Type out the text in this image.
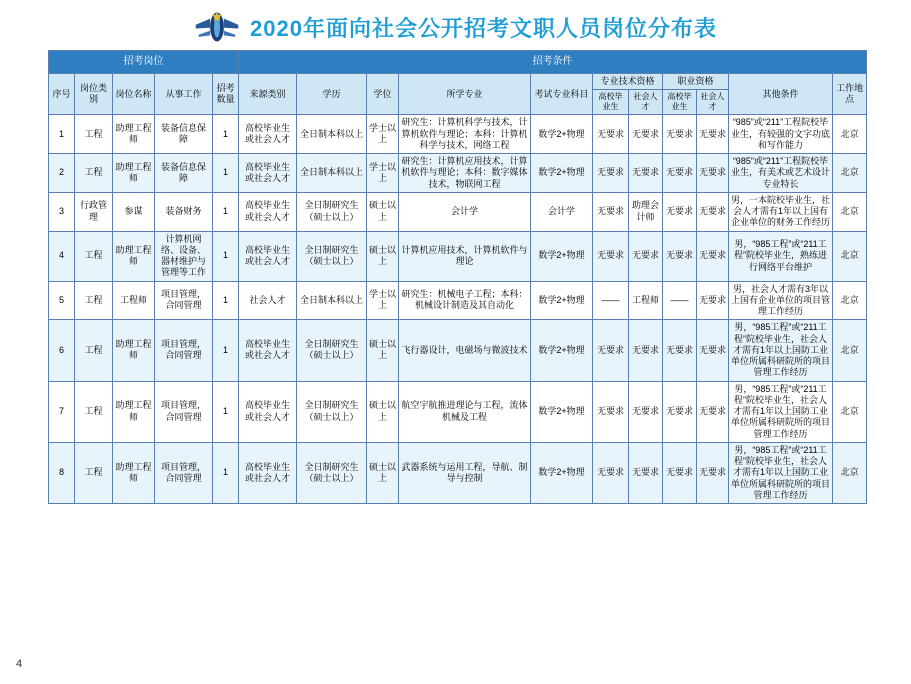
2020年面向社会公开招考文职人员岗位分布表
招考岗位					招考条件										
序号	岗位类别	岗位名称	从事工作	招考数量	来源类别	学历	学位	所学专业	考试专业科目	专业技术资格		职业资格		其他条件	工作地点
										高校毕业生	社会人才	高校毕业生	社会人才		
1	工程	助理工程师	装备信息保障	1	高校毕业生或社会人才	全日制本科以上	学士以上	研究生：计算机科学与技术，计算机软件与理论；本科：计算机科学与技术，网络工程	数学2+物理	无要求	无要求	无要求	无要求	“985”或“211”工程院校毕业生，有较强的文字功底和写作能力	北京
2	工程	助理工程师	装备信息保障	1	高校毕业生或社会人才	全日制本科以上	学士以上	研究生：计算机应用技术，计算机软件与理论；本科：数字媒体技术，物联网工程	数学2+物理	无要求	无要求	无要求	无要求	“985”或“211”工程院校毕业生，有美术或艺术设计专业特长	北京
3	行政管理	参谋	装备财务	1	高校毕业生或社会人才	全日制研究生（硕士以上）	硕士以上	会计学	会计学	无要求	助理会计师	无要求	无要求	男，一本院校毕业生，社会人才需有1年以上国有企业单位的财务工作经历	北京
4	工程	助理工程师	计算机网络、设备、器材维护与管理等工作	1	高校毕业生或社会人才	全日制研究生（硕士以上）	硕士以上	计算机应用技术，计算机软件与理论	数学2+物理	无要求	无要求	无要求	无要求	男，“985工程”或“211工程”院校毕业生，熟练进行网络平台维护	北京
5	工程	工程师	项目管理，合同管理	1	社会人才	全日制本科以上	学士以上	研究生：机械电子工程；本科：机械设计制造及其自动化	数学2+物理	——	工程师	——	无要求	男，社会人才需有3年以上国有企业单位的项目管理工作经历	北京
6	工程	助理工程师	项目管理，合同管理	1	高校毕业生或社会人才	全日制研究生（硕士以上）	硕士以上	飞行器设计，电磁场与微波技术	数学2+物理	无要求	无要求	无要求	无要求	男，“985工程”或“211工程”院校毕业生，社会人才需有1年以上国防工业单位所属科研院所的项目管理工作经历	北京
7	工程	助理工程师	项目管理，合同管理	1	高校毕业生或社会人才	全日制研究生（硕士以上）	硕士以上	航空宇航推进理论与工程，流体机械及工程	数学2+物理	无要求	无要求	无要求	无要求	男，“985工程”或“211工程”院校毕业生，社会人才需有1年以上国防工业单位所属科研院所的项目管理工作经历	北京
8	工程	助理工程师	项目管理，合同管理	1	高校毕业生或社会人才	全日制研究生（硕士以上）	硕士以上	武器系统与运用工程，导航、制导与控制	数学2+物理	无要求	无要求	无要求	无要求	男，“985工程”或“211工程”院校毕业生，社会人才需有1年以上国防工业单位所属科研院所的项目管理工作经历	北京
4
